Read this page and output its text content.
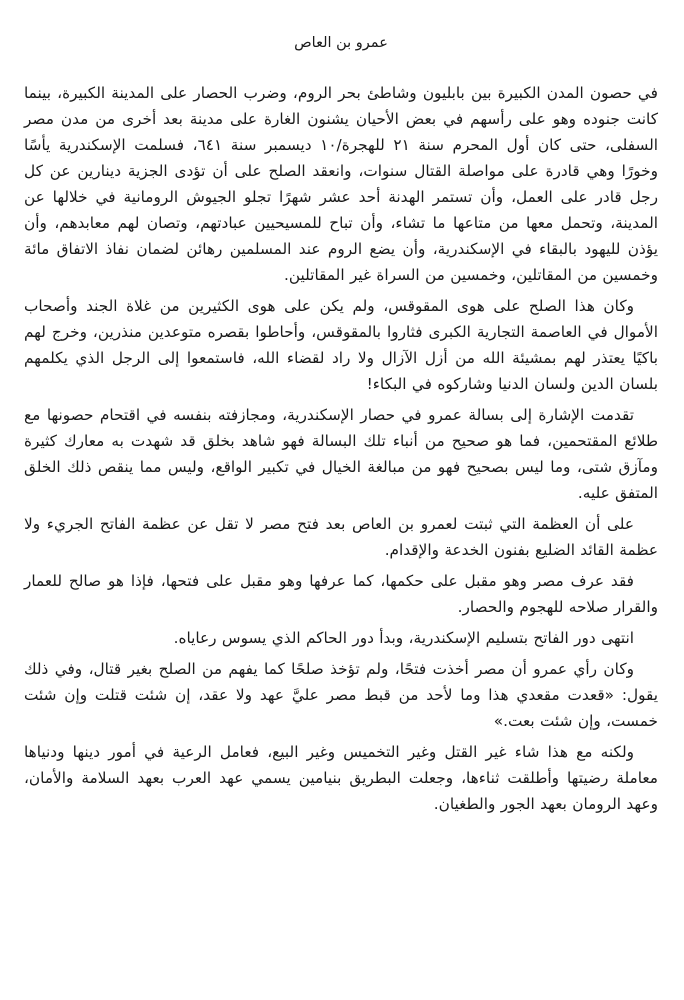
عمرو بن العاص

في حصون المدن الكبيرة بين بابليون وشاطئ بحر الروم، وضرب الحصار على المدينة الكبيرة، بينما كانت جنوده وهو على رأسهم في بعض الأحيان يشنون الغارة على مدينة بعد أخرى من مدن مصر السفلى، حتى كان أول المحرم سنة ٢١ للهجرة/١٠ ديسمبر سنة ٦٤١، فسلمت الإسكندرية يأسًا وخورًا وهي قادرة على مواصلة القتال سنوات، وانعقد الصلح على أن تؤدى الجزية دينارين عن كل رجل قادر على العمل، وأن تستمر الهدنة أحد عشر شهرًا تجلو الجيوش الرومانية في خلالها عن المدينة، وتحمل معها من متاعها ما تشاء، وأن تباح للمسيحيين عبادتهم، وتصان لهم معابدهم، وأن يؤذن لليهود بالبقاء في الإسكندرية، وأن يضع الروم عند المسلمين رهائن لضمان نفاذ الاتفاق مائة وخمسين من المقاتلين، وخمسين من السراة غير المقاتلين.

وكان هذا الصلح على هوى المقوقس، ولم يكن على هوى الكثيرين من غلاة الجند وأصحاب الأموال في العاصمة التجارية الكبرى فثاروا بالمقوقس، وأحاطوا بقصره متوعدين منذرين، وخرج لهم باكيًا يعتذر لهم بمشيئة الله من أزل الآزال ولا راد لقضاء الله، فاستمعوا إلى الرجل الذي يكلمهم بلسان الدين ولسان الدنيا وشاركوه في البكاء!

تقدمت الإشارة إلى بسالة عمرو في حصار الإسكندرية، ومجازفته بنفسه في اقتحام حصونها مع طلائع المقتحمين، فما هو صحيح من أنباء تلك البسالة فهو شاهد بخلق قد شهدت به معارك كثيرة ومآزق شتى، وما ليس بصحيح فهو من مبالغة الخيال في تكبير الواقع، وليس مما ينقص ذلك الخلق المتفق عليه.

على أن العظمة التي ثبتت لعمرو بن العاص بعد فتح مصر لا تقل عن عظمة الفاتح الجريء ولا عظمة القائد الضليع بفنون الخدعة والإقدام.

فقد عرف مصر وهو مقبل على حكمها، كما عرفها وهو مقبل على فتحها، فإذا هو صالح للعمار والقرار صلاحه للهجوم والحصار.

انتهى دور الفاتح بتسليم الإسكندرية، وبدأ دور الحاكم الذي يسوس رعاياه.

وكان رأي عمرو أن مصر أخذت فتحًا، ولم تؤخذ صلحًا كما يفهم من الصلح بغير قتال، وفي ذلك يقول: «قعدت مقعدي هذا وما لأحد من قبط مصر عليَّ عهد ولا عقد، إن شئت قتلت وإن شئت خمست، وإن شئت بعت.»

ولكنه مع هذا شاء غير القتل وغير التخميس وغير البيع، فعامل الرعية في أمور دينها ودنياها معاملة رضيتها وأطلقت ثناءها، وجعلت البطريق بنيامين يسمي عهد العرب بعهد السلامة والأمان، وعهد الرومان بعهد الجور والطغيان.
